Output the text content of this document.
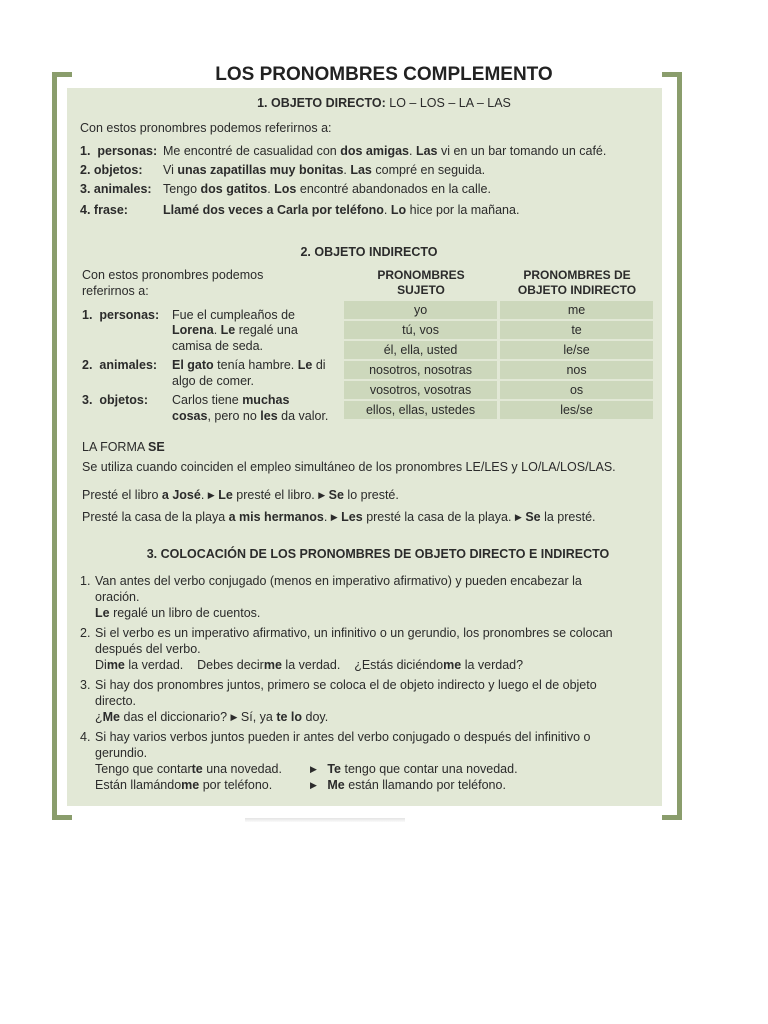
LOS PRONOMBRES COMPLEMENTO
1. OBJETO DIRECTO: LO – LOS – LA – LAS
Con estos pronombres podemos referirnos a:
1. personas: Me encontré de casualidad con dos amigas. Las vi en un bar tomando un café.
2. objetos: Vi unas zapatillas muy bonitas. Las compré en seguida.
3. animales: Tengo dos gatitos. Los encontré abandonados en la calle.
4. frase:	Llamé dos veces a Carla por teléfono. Lo hice por la mañana.
2. OBJETO INDIRECTO
Con estos pronombres podemos
referirnos a:
PRONOMBRES
SUJETO
PRONOMBRES DE
OBJETO INDIRECTO
yo	me
tú, vos	te
él, ella, usted	le/se
nosotros, nosotras	nos
vosotros, vosotras	os
ellos, ellas, ustedes	les/se
1. personas: Fue el cumpleaños de
Lorena. Le regalé una
camisa de seda.
2. animales: El gato tenía hambre. Le di
algo de comer.
3. objetos: Carlos tiene muchas
cosas, pero no les da valor.
LA FORMA SE
Se utiliza cuando coinciden el empleo simultáneo de los pronombres LE/LES y LO/LA/LOS/LAS.
Presté el libro a José. ▶ Le presté el libro. ▶ Se lo presté.
Presté la casa de la playa a mis hermanos. ▶ Les presté la casa de la playa. ▶ Se la presté.
3. COLOCACIÓN DE LOS PRONOMBRES DE OBJETO DIRECTO E INDIRECTO
1. Van antes del verbo conjugado (menos en imperativo afirmativo) y pueden encabezar la
oración.
Le regalé un libro de cuentos.
2. Si el verbo es un imperativo afirmativo, un infinitivo o un gerundio, los pronombres se colocan
después del verbo.
Dime la verdad.    Debes decirme la verdad.    ¿Estás diciéndome la verdad?
3. Si hay dos pronombres juntos, primero se coloca el de objeto indirecto y luego el de objeto
directo.
¿Me das el diccionario? ▶ Sí, ya te lo doy.
4. Si hay varios verbos juntos pueden ir antes del verbo conjugado o después del infinitivo o
gerundio.
Tengo que contarte una novedad.	▶ Te tengo que contar una novedad.
Están llamándome por teléfono.	▶ Me están llamando por teléfono.
